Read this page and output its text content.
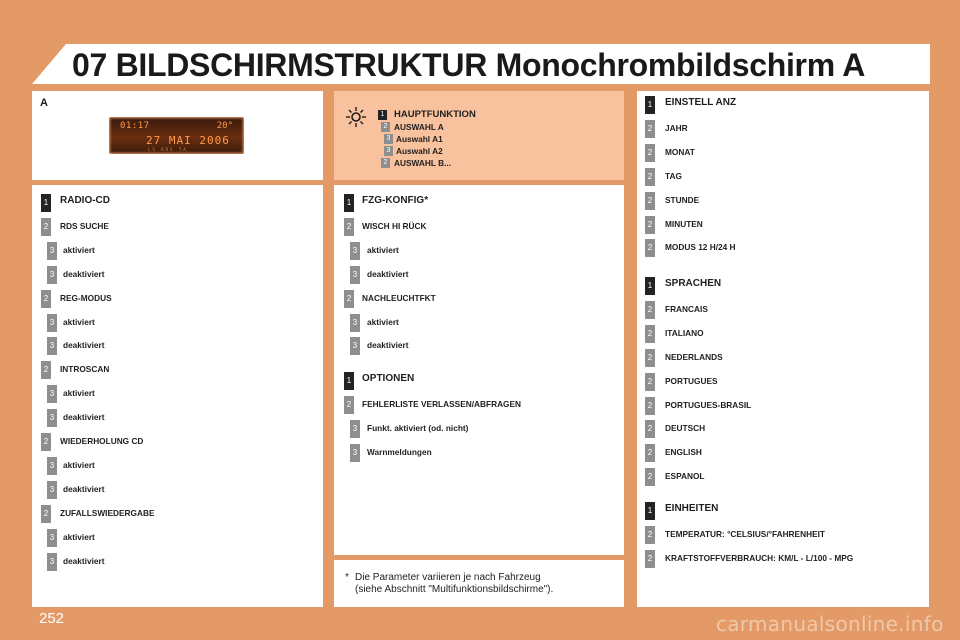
07 BILDSCHIRMSTRUKTUR Monochrombildschirm A
A
01:17	20°
27 MAI 2006
LS RDS TA
1 HAUPTFUNKTION
2 AUSWAHL A
3 Auswahl A1
3 Auswahl A2
2 AUSWAHL B...
1 RADIO-CD
2	RDS SUCHE
3	aktiviert
3	deaktiviert
2	REG-MODUS
3	aktiviert
3	deaktiviert
2	INTROSCAN
3	aktiviert
3	deaktiviert
2	WIEDERHOLUNG CD
3	aktiviert
3	deaktiviert
2	ZUFALLSWIEDERGABE
3	aktiviert
3	deaktiviert
1 FZG-KONFIG*
2	WISCH HI RÜCK
3	aktiviert
3	deaktiviert
2	NACHLEUCHTFKT
3	aktiviert
3	deaktiviert
1 OPTIONEN
2	FEHLERLISTE VERLASSEN/ABFRAGEN
3	Funkt. aktiviert (od. nicht)
3	Warnmeldungen
1 EINSTELL ANZ
2	JAHR
2	MONAT
2	TAG
2	STUNDE
2	MINUTEN
2	MODUS 12 H/24 H
1 SPRACHEN
2	FRANCAIS
2	ITALIANO
2	NEDERLANDS
2	PORTUGUES
2	PORTUGUES-BRASIL
2	DEUTSCH
2	ENGLISH
2	ESPANOL
1 EINHEITEN
2	TEMPERATUR: °CELSIUS/°FAHRENHEIT
2	KRAFTSTOFFVERBRAUCH: KM/L - L/100 - MPG
* Die Parameter variieren je nach Fahrzeug
(siehe Abschnitt "Multifunktionsbildschirme").
252	carmanualsonline.info
